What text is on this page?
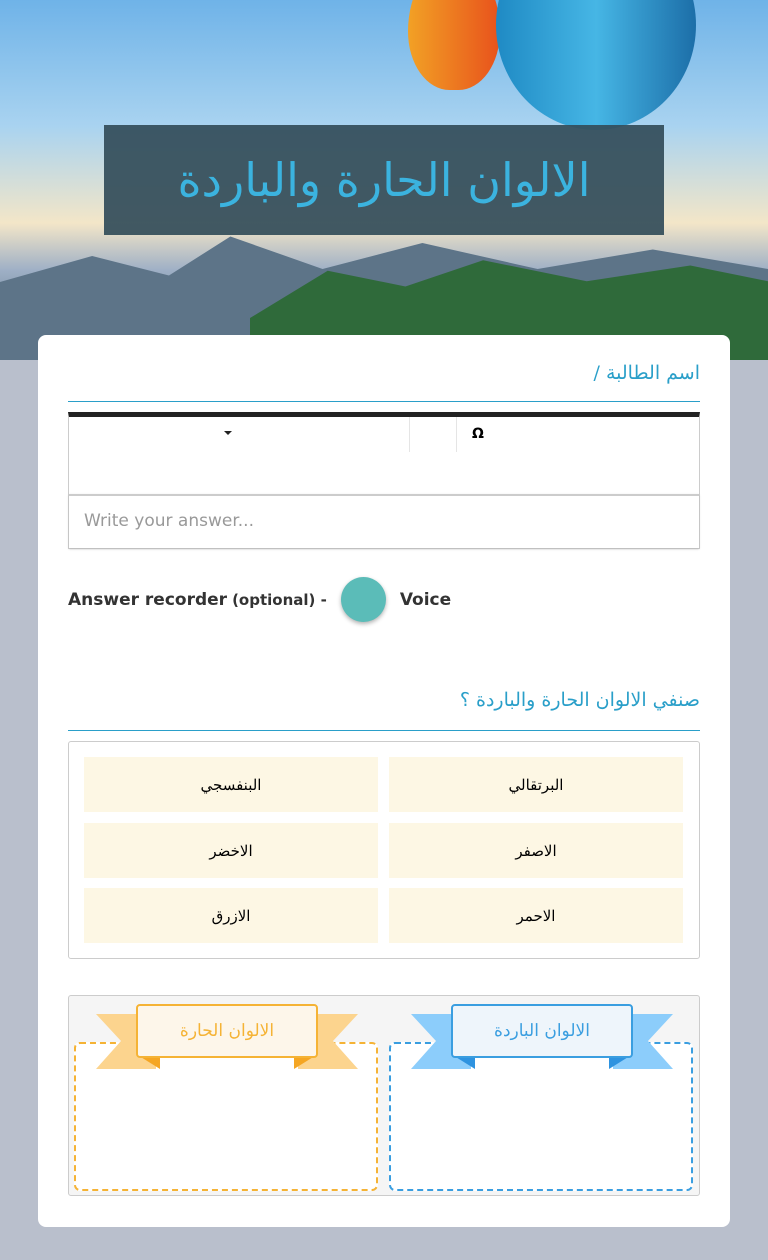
الالوان الحارة والباردة
اسم الطالبة /
Ω
Write your answer...
Answer recorder (optional) -	Voice
صنفي الالوان الحارة والباردة ؟
البرتقالي
البنفسجي
الاصفر
الاخضر
الاحمر
الازرق
الالوان الحارة	الالوان الباردة
